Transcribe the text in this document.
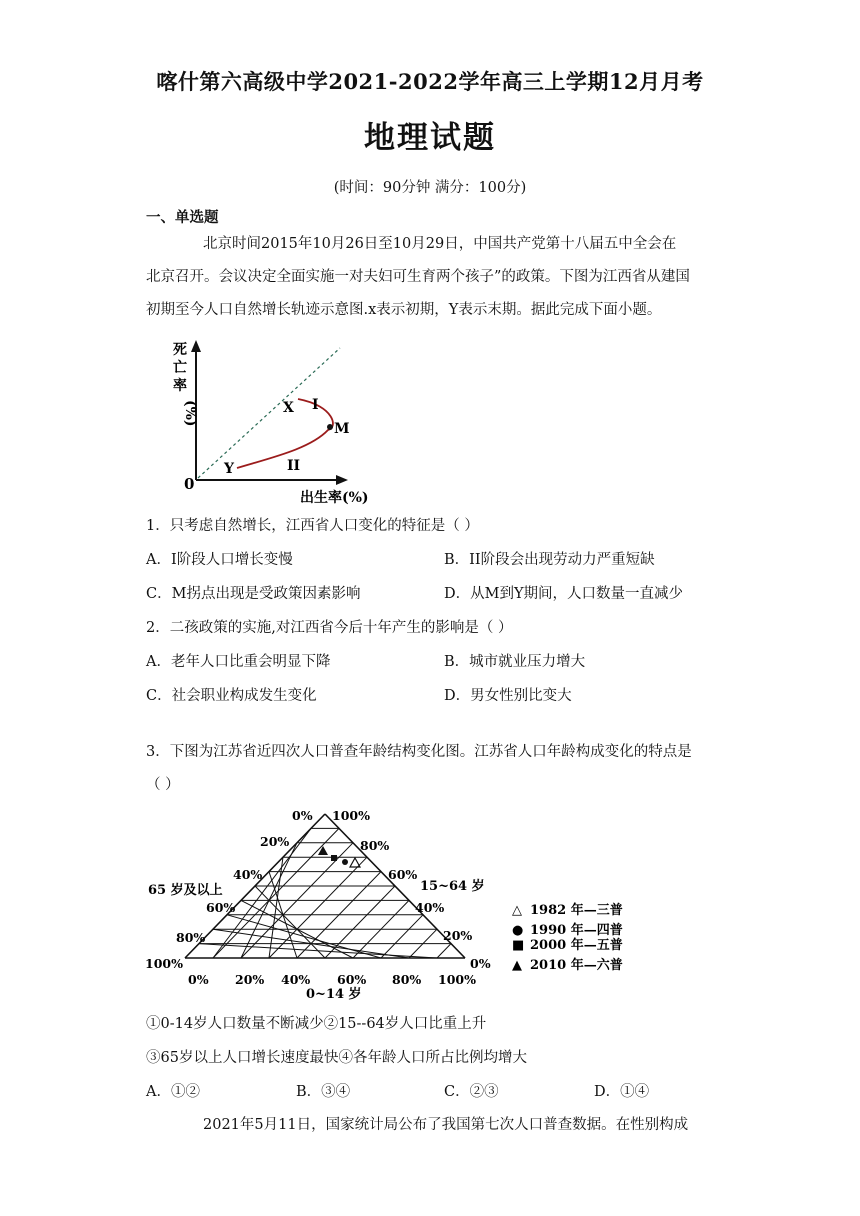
喀什第六高级中学2021-2022学年高三上学期12月月考
地理试题
(时间：90分钟 满分：100分)
一、单选题
北京时间2015年10月26日至10月29日，中国共产党第十八届五中全会在
北京召开。会议决定全面实施一对夫妇可生育两个孩子”的政策。下图为江西省从建国
初期至今人口自然增长轨迹示意图.x表示初期，Y表示末期。据此完成下面小题。
死
亡
率
(%)
0
出生率(%)
X I
M
II
Y
1．只考虑自然增长，江西省人口变化的特征是（ ）
A．I阶段人口增长变慢	B．II阶段会出现劳动力严重短缺
C．M拐点出现是受政策因素影响	D．从M到Y期间，人口数量一直减少
2．二孩政策的实施,对江西省今后十年产生的影响是（ ）
A．老年人口比重会明显下降	B．城市就业压力增大
C．社会职业构成发生变化	D．男女性别比变大
3．下图为江苏省近四次人口普查年龄结构变化图。江苏省人口年龄构成变化的特点是
（ ）
0%
20%
40%
60%
80%
100%
65 岁及以上
100%
80%
60%
40%
20%
0%
15~64 岁
0% 20% 40% 60% 80% 100%
0~14 岁
△ 1982 年—三普
● 1990 年—四普
■ 2000 年—五普
▲ 2010 年—六普
①0-14岁人口数量不断减少②15--64岁人口比重上升
③65岁以上人口增长速度最快④各年龄人口所占比例均增大
A．①②	B．③④	C．②③	D．①④
2021年5月11日，国家统计局公布了我国第七次人口普查数据。在性别构成
